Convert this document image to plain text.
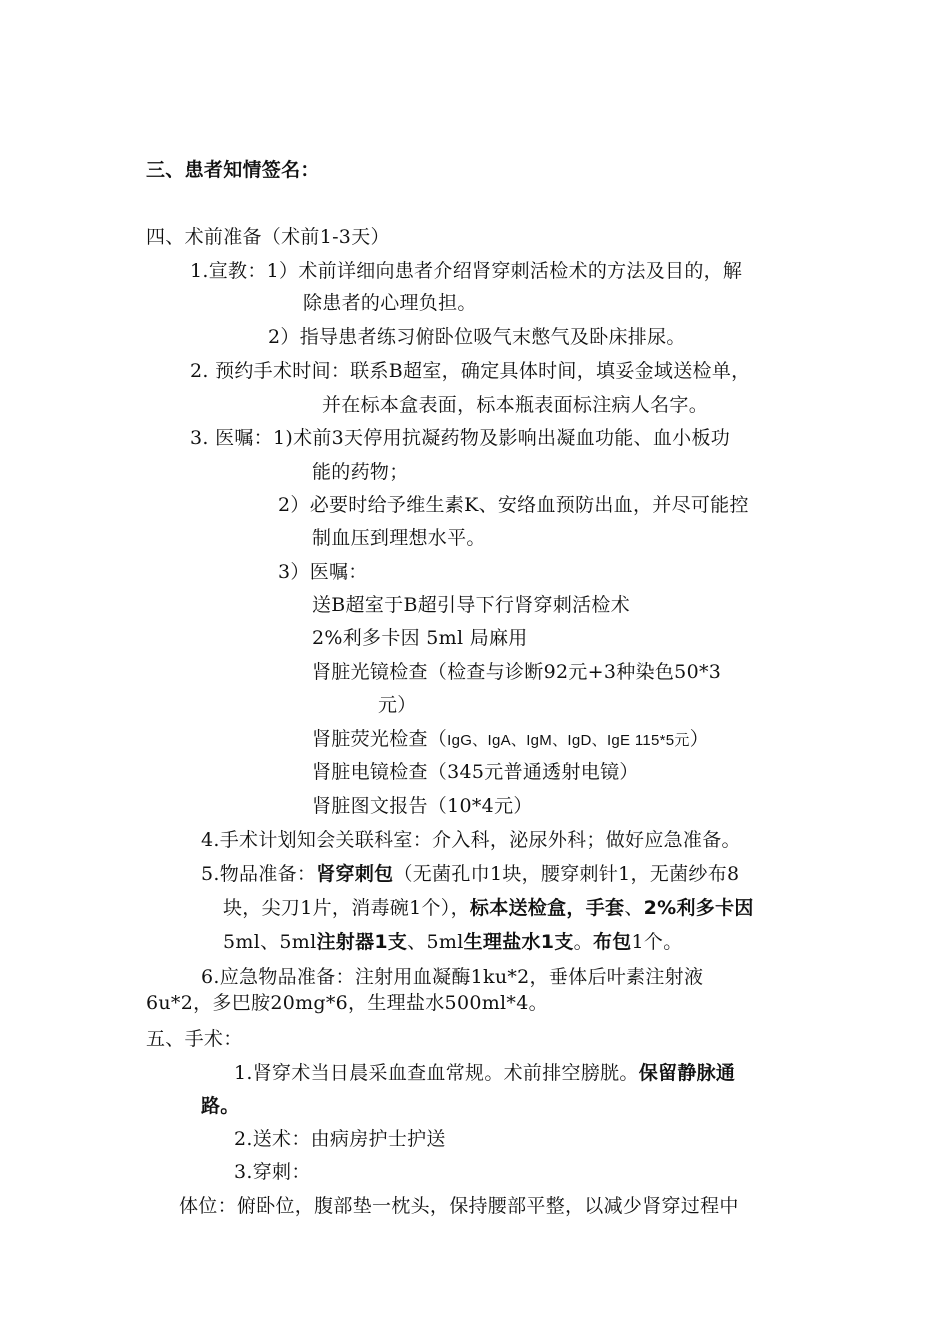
三、患者知情签名：
四、术前准备（术前1-3天）
1.宣教：1）术前详细向患者介绍肾穿刺活检术的方法及目的，解
除患者的心理负担。
2）指导患者练习俯卧位吸气末憋气及卧床排尿。
2. 预约手术时间：联系B超室，确定具体时间，填妥金域送检单，
并在标本盒表面，标本瓶表面标注病人名字。
3. 医嘱：1)术前3天停用抗凝药物及影响出凝血功能、血小板功
能的药物；
2）必要时给予维生素K、安络血预防出血，并尽可能控
制血压到理想水平。
3）医嘱：
送B超室于B超引导下行肾穿刺活检术
2%利多卡因 5ml 局麻用
肾脏光镜检查（检查与诊断92元+3种染色50*3
元）
肾脏荧光检查（IgG、IgA、IgM、IgD、IgE 115*5元）
肾脏电镜检查（345元普通透射电镜）
肾脏图文报告（10*4元）
4.手术计划知会关联科室：介入科，泌尿外科；做好应急准备。
5.物品准备：肾穿刺包（无菌孔巾1块，腰穿刺针1，无菌纱布8
块，尖刀1片，消毒碗1个），标本送检盒，手套、2%利多卡因
5ml、5ml注射器1支、5ml生理盐水1支。布包1个。
6.应急物品准备：注射用血凝酶1ku*2，垂体后叶素注射液
6u*2，多巴胺20mg*6，生理盐水500ml*4。
五、手术：
1.肾穿术当日晨采血查血常规。术前排空膀胱。保留静脉通
路。
2.送术：由病房护士护送
3.穿刺：
体位：俯卧位，腹部垫一枕头，保持腰部平整，以减少肾穿过程中
